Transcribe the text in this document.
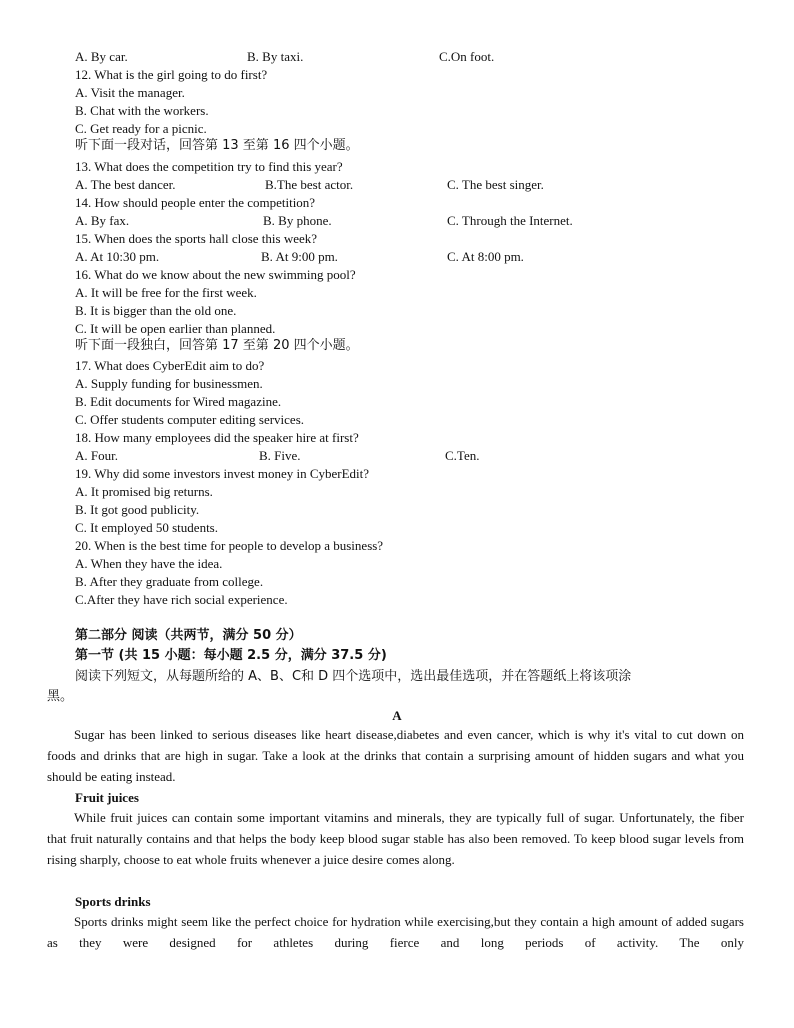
A. By car.	B. By taxi.	C.On foot.
12. What is the girl going to do first?
A. Visit the manager.
B. Chat with the workers.
C. Get ready for a picnic.
听下面一段对话，回答第 13 至第 16 四个小题。
13. What does the competition try to find this year?
A. The best dancer.	B.The best actor.	C. The best singer.
14. How should people enter the competition?
A. By fax.	B. By phone.	C. Through the Internet.
15. When does the sports hall close this week?
A. At 10:30 pm.	B. At 9:00 pm.	C. At 8:00 pm.
16. What do we know about the new swimming pool?
A. It will be free for the first week.
B. It is bigger than the old one.
C. It will be open earlier than planned.
听下面一段独白，回答第 17 至第 20 四个小题。
17. What does CyberEdit aim to do?
A. Supply funding for businessmen.
B. Edit documents for Wired magazine.
C. Offer students computer editing services.
18. How many employees did the speaker hire at first?
A. Four.	B. Five.	C.Ten.
19. Why did some investors invest money in CyberEdit?
A. It promised big returns.
B. It got good publicity.
C. It employed 50 students.
20. When is the best time for people to develop a business?
A. When they have the idea.
B. After they graduate from college.
C.After they have rich social experience.
第二部分 阅读（共两节，满分 50 分）
第一节 (共 15 小题：每小题 2.5 分，满分 37.5 分)
阅读下列短文，从每题所给的 A、B、C和 D 四个选项中，选出最佳选项，并在答题纸上将该项涂
黑。
A
Sugar has been linked to serious diseases like heart disease,diabetes and even cancer, which is why it's vital to cut down on foods and drinks that are high in sugar. Take a look at the drinks that contain a surprising amount of hidden sugars and what you should be eating instead.
Fruit juices
While fruit juices can contain some important vitamins and minerals, they are typically full of sugar. Unfortunately, the fiber that fruit naturally contains and that helps the body keep blood sugar stable has also been removed. To keep blood sugar levels from rising sharply, choose to eat whole fruits whenever a juice desire comes along.
Sports drinks
Sports drinks might seem like the perfect choice for hydration while exercising,but they contain a high amount of added sugars as they were designed for athletes during fierce and long periods of activity. The only
